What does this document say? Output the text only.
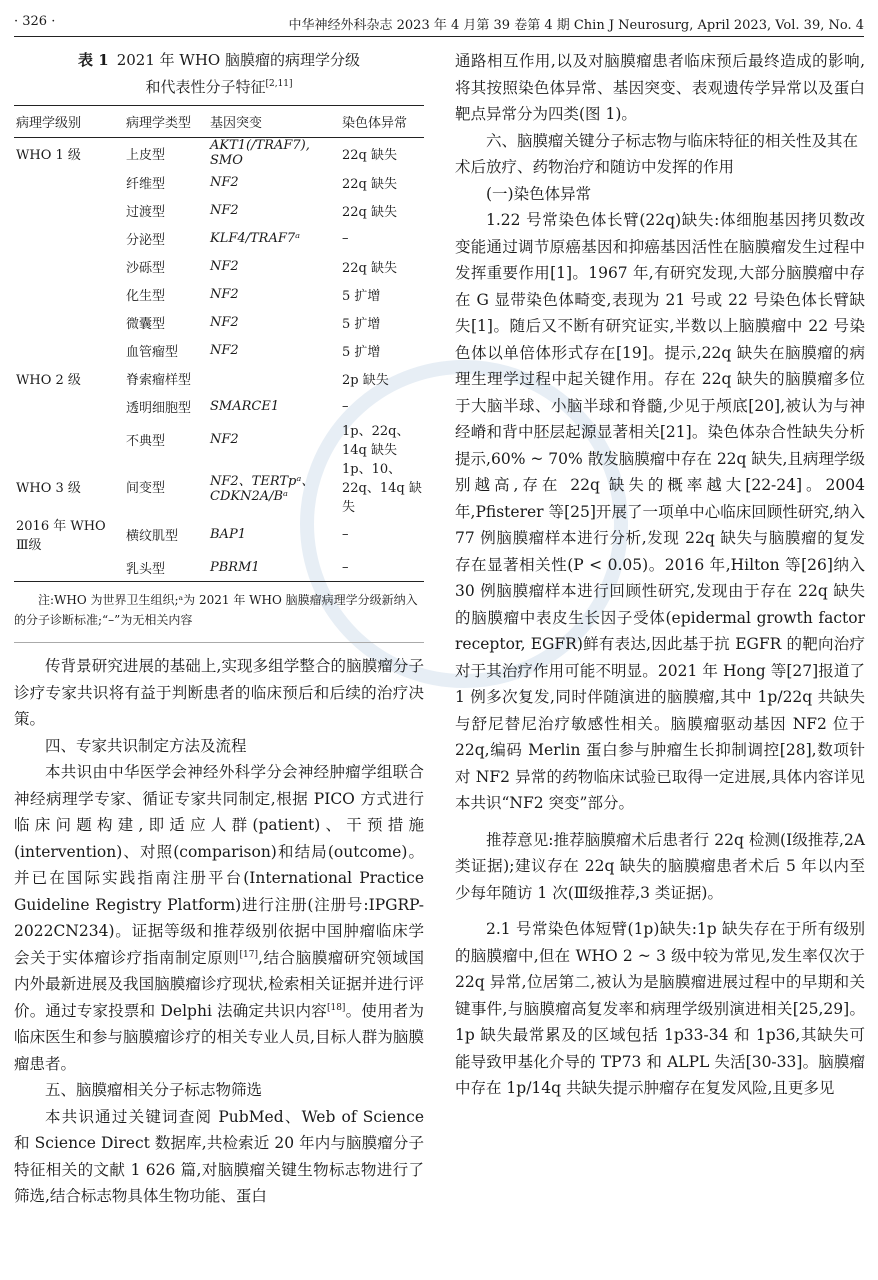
· 326 ·	中华神经外科杂志 2023 年 4 月第 39 卷第 4 期 Chin J Neurosurg, April 2023, Vol. 39, No. 4
表 1 2021 年 WHO 脑膜瘤的病理学分级
和代表性分子特征[2,11]
病理学级别	病理学类型	基因突变	染色体异常
WHO 1 级	上皮型	AKT1(/TRAF7), SMO	22q 缺失
	纤维型	NF2	22q 缺失
	过渡型	NF2	22q 缺失
	分泌型	KLF4/TRAF7ᵃ	–
	沙砾型	NF2	22q 缺失
	化生型	NF2	5 扩增
	微囊型	NF2	5 扩增
	血管瘤型	NF2	5 扩增
WHO 2 级	脊索瘤样型		2p 缺失
	透明细胞型	SMARCE1	–
	不典型	NF2	1p、22q、14q 缺失
WHO 3 级	间变型	NF2、TERTpᵃ、CDKN2A/Bᵃ	1p、10、22q、14q 缺失
2016 年 WHO Ⅲ级	横纹肌型	BAP1	–
	乳头型	PBRM1	–
注:WHO 为世界卫生组织;ᵃ为 2021 年 WHO 脑膜瘤病理学分级新纳入的分子诊断标准;“–”为无相关内容

传背景研究进展的基础上,实现多组学整合的脑膜瘤分子诊疗专家共识将有益于判断患者的临床预后和后续的治疗决策。

四、专家共识制定方法及流程

本共识由中华医学会神经外科学分会神经肿瘤学组联合神经病理学专家、循证专家共同制定,根据 PICO 方式进行临床问题构建,即适应人群(patient)、干预措施(intervention)、对照(comparison)和结局(outcome)。并已在国际实践指南注册平台(International Practice Guideline Registry Platform)进行注册(注册号:IPGRP-2022CN234)。证据等级和推荐级别依据中国肿瘤临床学会关于实体瘤诊疗指南制定原则[17],结合脑膜瘤研究领域国内外最新进展及我国脑膜瘤诊疗现状,检索相关证据并进行评价。通过专家投票和 Delphi 法确定共识内容[18]。使用者为临床医生和参与脑膜瘤诊疗的相关专业人员,目标人群为脑膜瘤患者。

五、脑膜瘤相关分子标志物筛选

本共识通过关键词查阅 PubMed、Web of Science 和 Science Direct 数据库,共检索近 20 年内与脑膜瘤分子特征相关的文献 1 626 篇,对脑膜瘤关键生物标志物进行了筛选,结合标志物具体生物功能、蛋白

通路相互作用,以及对脑膜瘤患者临床预后最终造成的影响,将其按照染色体异常、基因突变、表观遗传学异常以及蛋白靶点异常分为四类(图 1)。

六、脑膜瘤关键分子标志物与临床特征的相关性及其在术后放疗、药物治疗和随访中发挥的作用

(一)染色体异常

1.22 号常染色体长臂(22q)缺失:体细胞基因拷贝数改变能通过调节原癌基因和抑癌基因活性在脑膜瘤发生过程中发挥重要作用[1]。1967 年,有研究发现,大部分脑膜瘤中存在 G 显带染色体畸变,表现为 21 号或 22 号染色体长臂缺失[1]。随后又不断有研究证实,半数以上脑膜瘤中 22 号染色体以单倍体形式存在[19]。提示,22q 缺失在脑膜瘤的病理生理学过程中起关键作用。存在 22q 缺失的脑膜瘤多位于大脑半球、小脑半球和脊髓,少见于颅底[20],被认为与神经嵴和背中胚层起源显著相关[21]。染色体杂合性缺失分析提示,60% ~ 70% 散发脑膜瘤中存在 22q 缺失,且病理学级别越高,存在 22q 缺失的概率越大[22-24]。2004 年,Pfisterer 等[25]开展了一项单中心临床回顾性研究,纳入 77 例脑膜瘤样本进行分析,发现 22q 缺失与脑膜瘤的复发存在显著相关性(P < 0.05)。2016 年,Hilton 等[26]纳入 30 例脑膜瘤样本进行回顾性研究,发现由于存在 22q 缺失的脑膜瘤中表皮生长因子受体(epidermal growth factor receptor, EGFR)鲜有表达,因此基于抗 EGFR 的靶向治疗对于其治疗作用可能不明显。2021 年 Hong 等[27]报道了 1 例多次复发,同时伴随演进的脑膜瘤,其中 1p/22q 共缺失与舒尼替尼治疗敏感性相关。脑膜瘤驱动基因 NF2 位于 22q,编码 Merlin 蛋白参与肿瘤生长抑制调控[28],数项针对 NF2 异常的药物临床试验已取得一定进展,具体内容详见本共识“NF2 突变”部分。

推荐意见:推荐脑膜瘤术后患者行 22q 检测(Ⅰ级推荐,2A 类证据);建议存在 22q 缺失的脑膜瘤患者术后 5 年以内至少每年随访 1 次(Ⅲ级推荐,3 类证据)。

2.1 号常染色体短臂(1p)缺失:1p 缺失存在于所有级别的脑膜瘤中,但在 WHO 2 ~ 3 级中较为常见,发生率仅次于 22q 异常,位居第二,被认为是脑膜瘤进展过程中的早期和关键事件,与脑膜瘤高复发率和病理学级别演进相关[25,29]。1p 缺失最常累及的区域包括 1p33-34 和 1p36,其缺失可能导致甲基化介导的 TP73 和 ALPL 失活[30-33]。脑膜瘤中存在 1p/14q 共缺失提示肿瘤存在复发风险,且更多见
